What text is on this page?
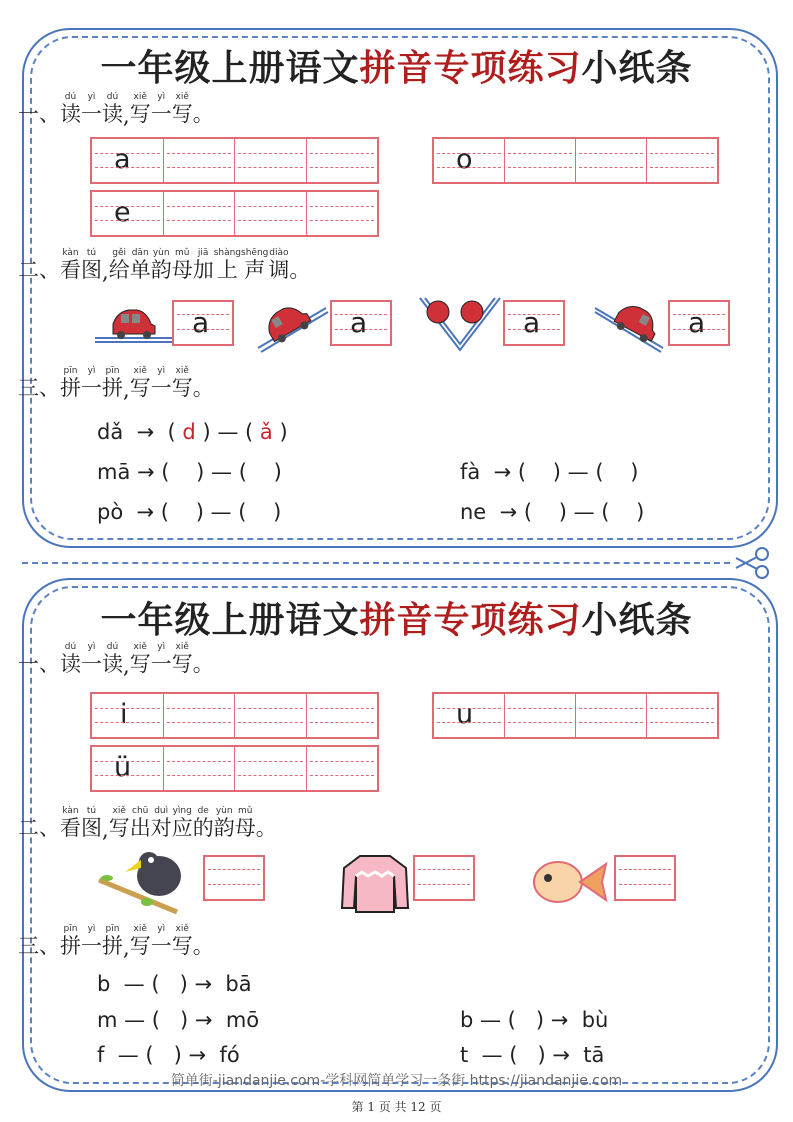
一年级上册语文拼音专项练习小纸条
一、 读dú
一yì
读dú
, 写xiě
一yì
写xiě
。
a	o
e
二、 看kàn
图tú
, 给gěi
单dān
韵yùn
母mǔ
加jiā
上shàng
声shēng
调diào
。
a	a	a	a
三、 拼pīn
一yì
拼pīn
, 写xiě
一yì
写xiě
。
dǎ → ( d ) — ( ǎ )
mā → (    ) — (    )	fà  → (    ) — (    )
pò  → (    ) — (    )	ne  → (    ) — (    )
一年级上册语文拼音专项练习小纸条
一、 读dú
一yì
读dú
, 写xiě
一yì
写xiě
。
i	u
ü
二、 看kàn
图tú
, 写xiě
出chū
对duì
应yìng
的de
韵yùn
母mǔ
。
三、 拼pīn
一yì
拼pīn
, 写xiě
一yì
写xiě
。
b  — (   ) →  bā
m — (   ) →  mō	b — (   ) →  bù
f  — (   ) →  fó	t  — (   ) →  tā
简单街-jiandanjie.com-学科网简单学习一条街 https://jiandanjie.com
第 1 页 共 12 页
